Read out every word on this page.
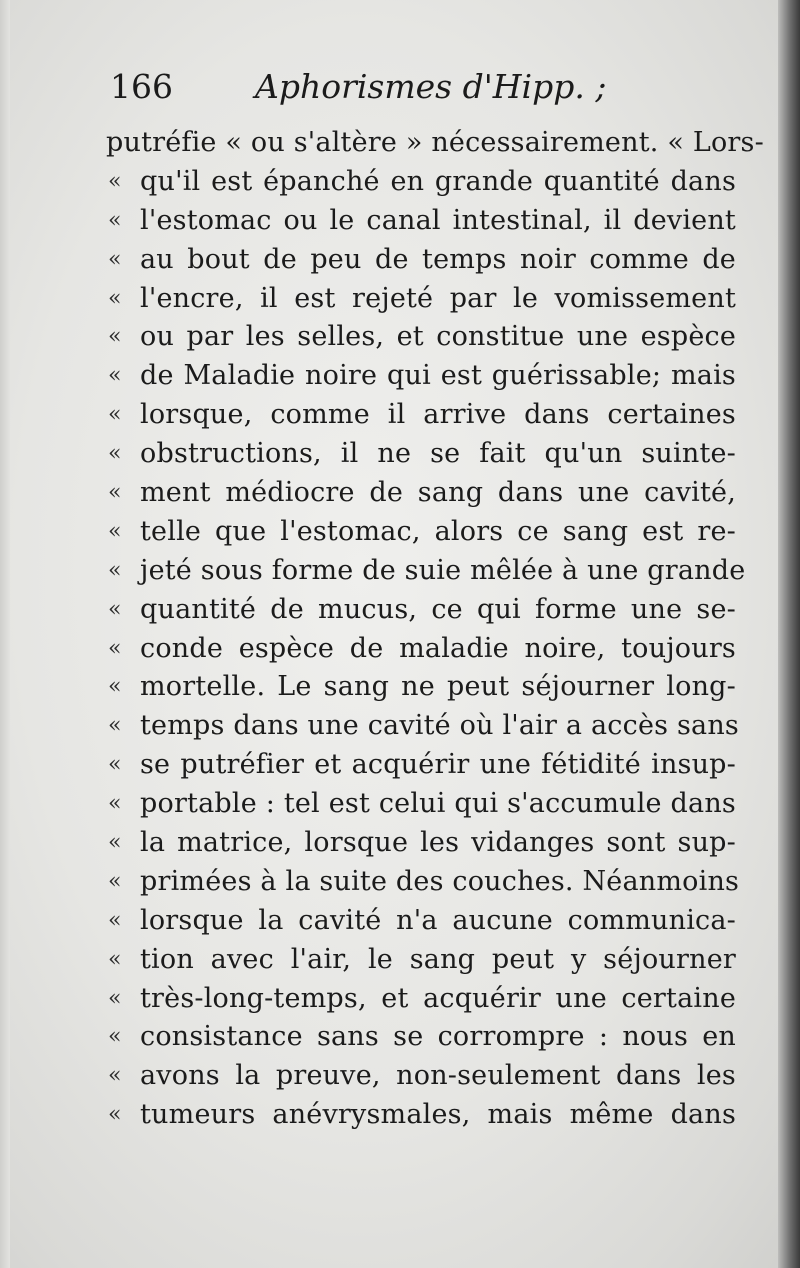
166 Aphorismes d'Hipp. ;
putréfie « ou s'altère » nécessairement. « Lors-
« qu'il est épanché en grande quantité dans
« l'estomac ou le canal intestinal, il devient
« au bout de peu de temps noir comme de
« l'encre, il est rejeté par le vomissement
« ou par les selles, et constitue une espèce
« de Maladie noire qui est guérissable; mais
« lorsque, comme il arrive dans certaines
« obstructions, il ne se fait qu'un suinte-
« ment médiocre de sang dans une cavité,
« telle que l'estomac, alors ce sang est re-
« jeté sous forme de suie mêlée à une grande
« quantité de mucus, ce qui forme une se-
« conde espèce de maladie noire, toujours
« mortelle. Le sang ne peut séjourner long-
« temps dans une cavité où l'air a accès sans
« se putréfier et acquérir une fétidité insup-
« portable : tel est celui qui s'accumule dans
« la matrice, lorsque les vidanges sont sup-
« primées à la suite des couches. Néanmoins
« lorsque la cavité n'a aucune communica-
« tion avec l'air, le sang peut y séjourner
« très-long-temps, et acquérir une certaine
« consistance sans se corrompre : nous en
« avons la preuve, non-seulement dans les
« tumeurs anévrysmales, mais même dans
